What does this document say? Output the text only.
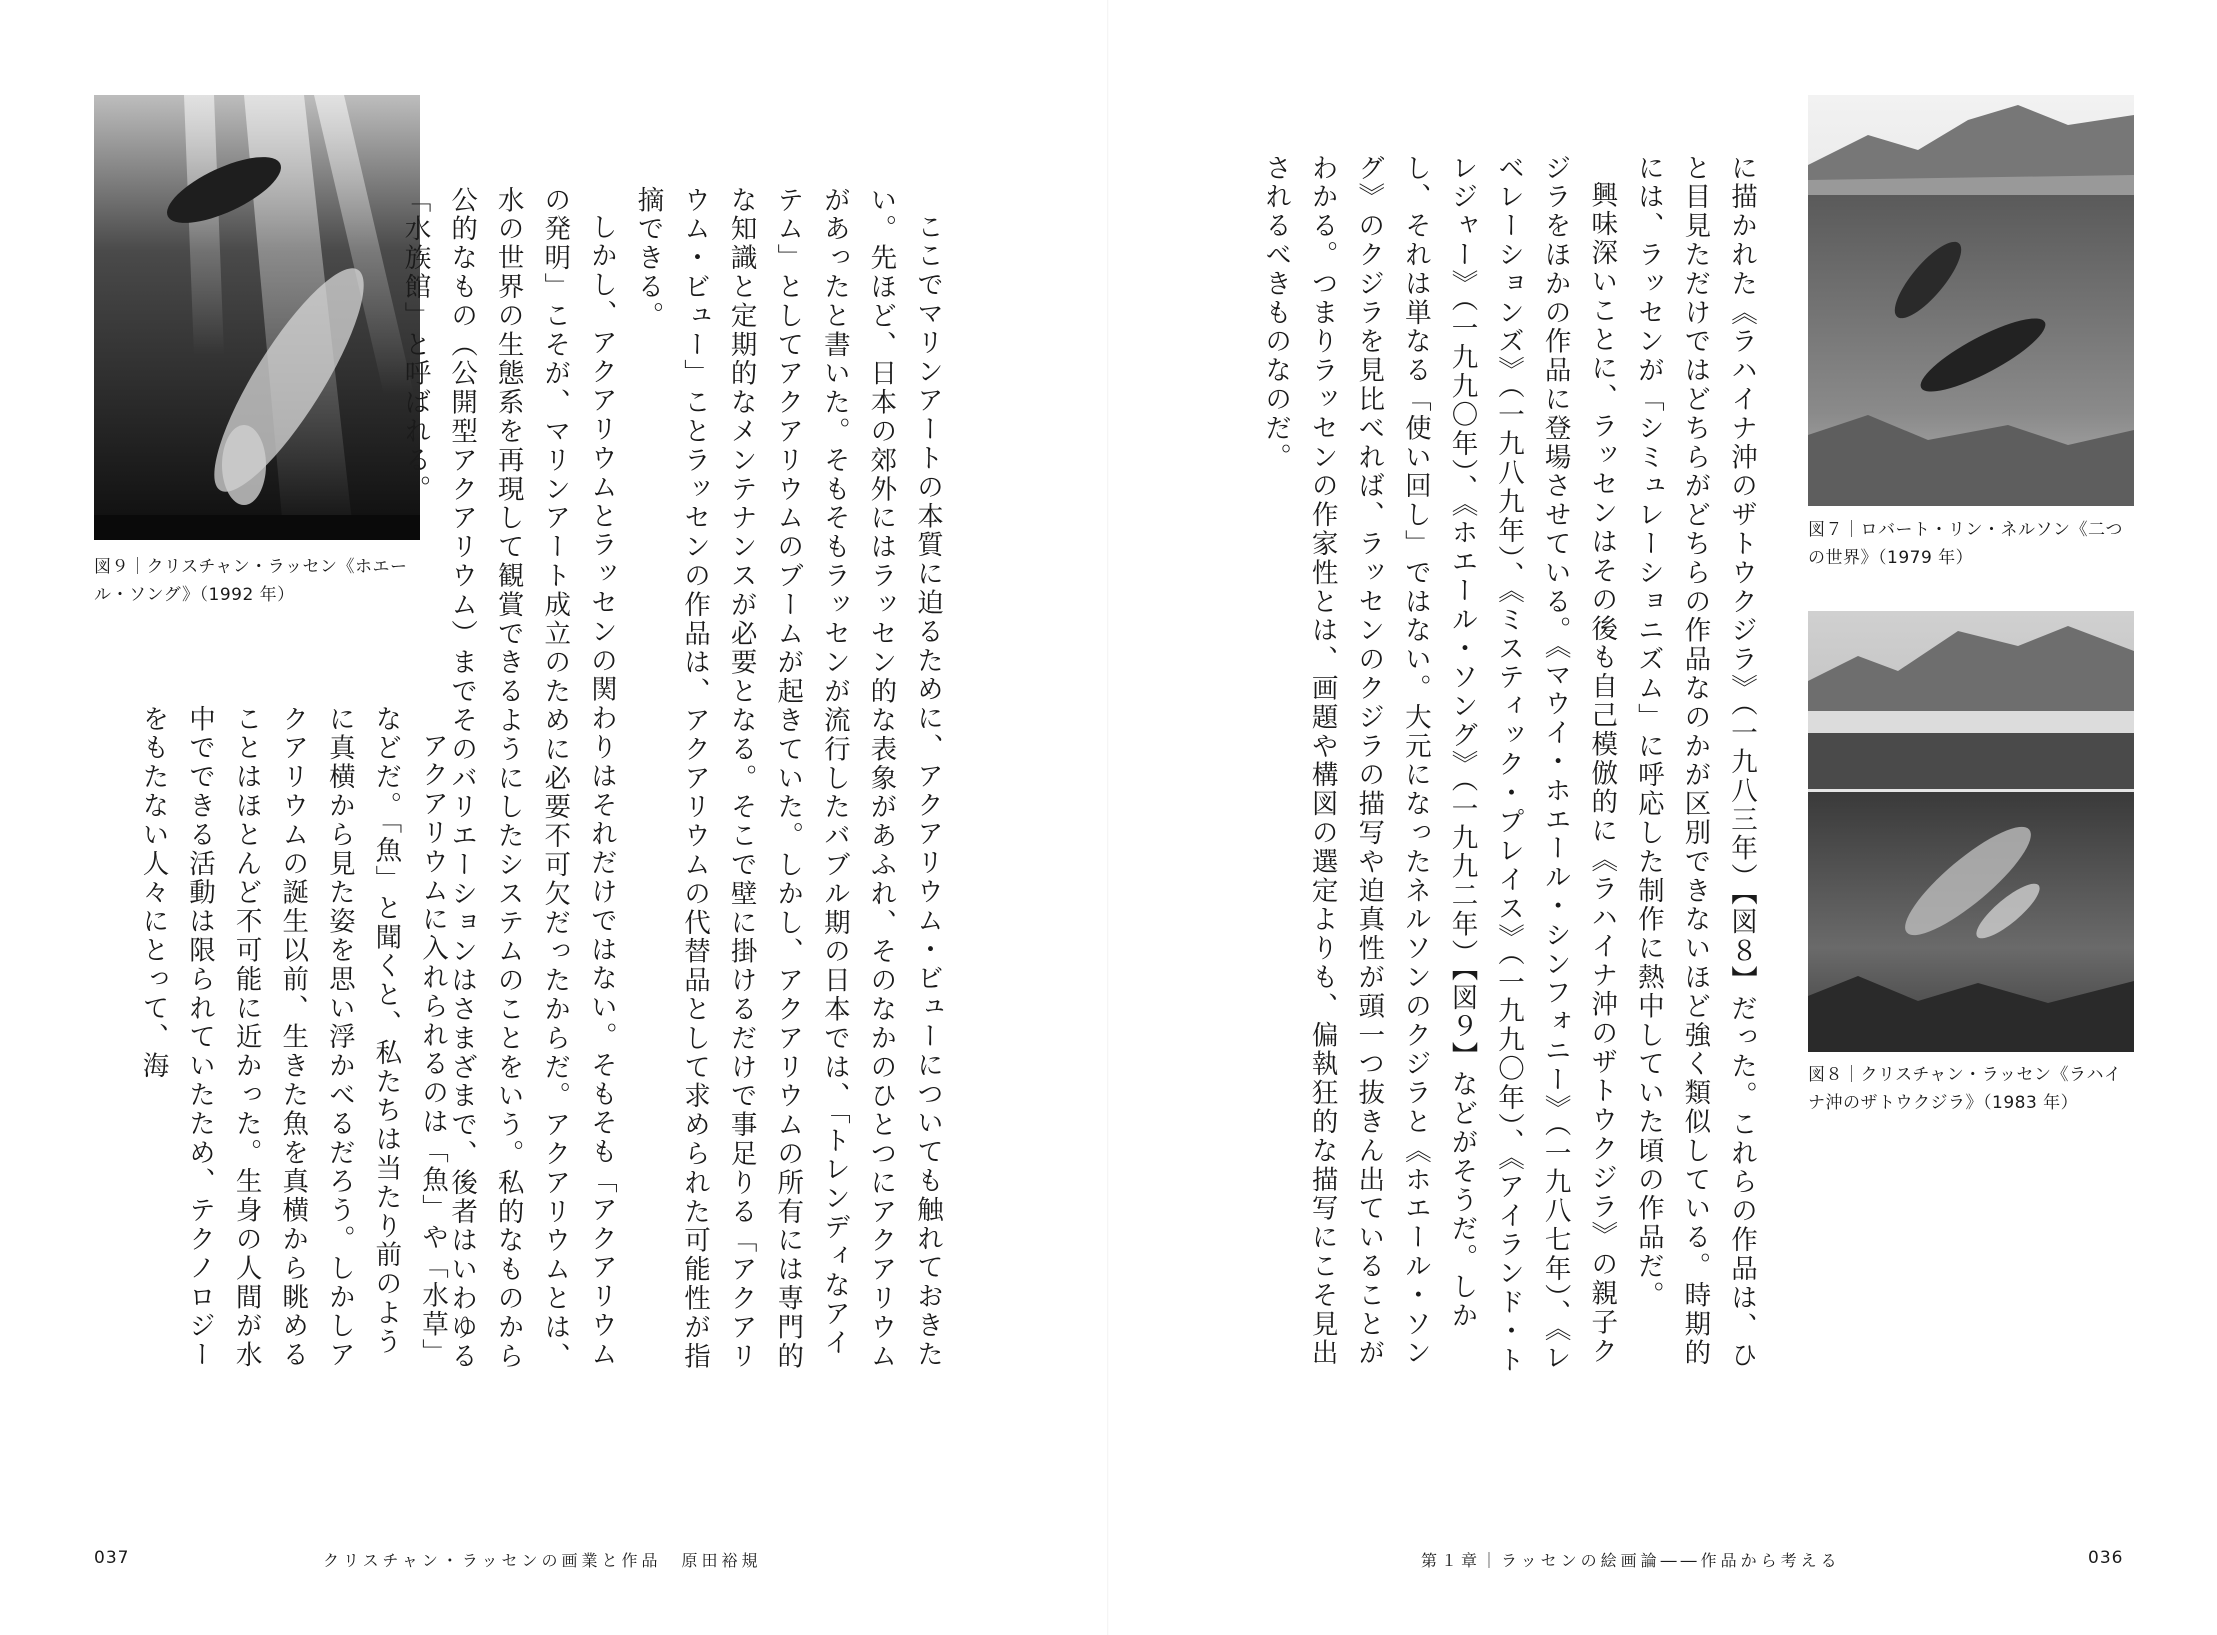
図９｜クリスチャン・ラッセン《ホエール・ソング》（1992 年）	ここでマリンアートの本質に迫るために、アクアリウム・ビューについても触れておきたい。先ほど、日本の郊外にはラッセン的な表象があふれ、そのなかのひとつにアクアリウムがあったと書いた。そもそもラッセンが流行したバブル期の日本では、「トレンディなアイテム」としてアクアリウムのブームが起きていた。しかし、アクアリウムの所有には専門的な知識と定期的なメンテナンスが必要となる。そこで壁に掛けるだけで事足りる「アクアリウム・ビュー」ことラッセンの作品は、アクアリウムの代替品として求められた可能性が指摘できる。

しかし、アクアリウムとラッセンの関わりはそれだけではない。そもそも「アクアリウムの発明」こそが、マリンアート成立のために必要不可欠だったからだ。アクアリウムとは、水の世界の生態系を再現して観賞できるようにしたシステムのことをいう。私的なものから公的なもの（公開型アクアリウム）までそのバリエーションはさまざまで、後者はいわゆる「水族館」と呼ばれる。

アクアリウムに入れられるのは「魚」や「水草」などだ。「魚」と聞くと、私たちは当たり前のように真横から見た姿を思い浮かべるだろう。しかしアクアリウムの誕生以前、生きた魚を真横から眺めることはほとんど不可能に近かった。生身の人間が水中でできる活動は限られていたため、テクノロジーをもたない人々にとって、海

037	クリスチャン・ラッセンの画業と作品　原田裕規
図７｜ロバート・リン・ネルソン《二つの世界》（1979 年）
図８｜クリスチャン・ラッセン《ラハイナ沖のザトウクジラ》（1983 年）

に描かれた《ラハイナ沖のザトウクジラ》（一九八三年）【図８】だった。これらの作品は、ひと目見ただけではどちらがどちらの作品なのかが区別できないほど強く類似している。時期的には、ラッセンが「シミュレーショニズム」に呼応した制作に熱中していた頃の作品だ。

興味深いことに、ラッセンはその後も自己模倣的に《ラハイナ沖のザトウクジラ》の親子クジラをほかの作品に登場させている。《マウイ・ホエール・シンフォニー》（一九八七年）、《レベレーションズ》（一九八九年）、《ミスティック・プレイス》（一九九〇年）、《アイランド・トレジャー》（一九九〇年）、《ホエール・ソング》（一九九二年）【図９】などがそうだ。しかし、それは単なる「使い回し」ではない。大元になったネルソンのクジラと《ホエール・ソング》のクジラを見比べれば、ラッセンのクジラの描写や迫真性が頭一つ抜きん出ていることがわかる。つまりラッセンの作家性とは、画題や構図の選定よりも、偏執狂的な描写にこそ見出されるべきものなのだ。

第１章｜ラッセンの絵画論――作品から考える	036
